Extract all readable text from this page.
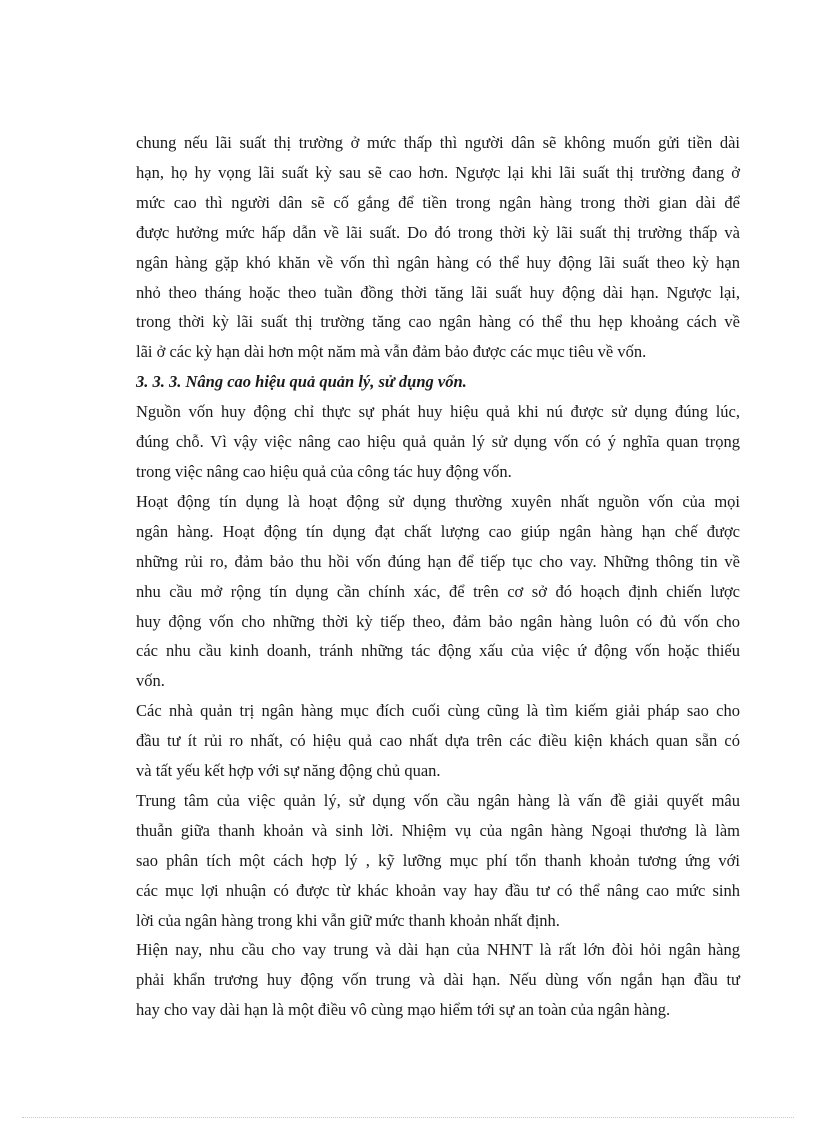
chung nếu lãi suất thị trường ở mức thấp thì người dân sẽ không muốn gửi tiền dài
hạn, họ hy vọng lãi suất kỳ sau sẽ cao hơn. Ngược lại khi lãi suất thị trường đang ở
mức cao thì người dân sẽ cố gắng để tiền trong ngân hàng trong thời gian dài để
được hưởng mức hấp dẫn về lãi suất. Do đó trong thời kỳ lãi suất thị trường thấp và
ngân hàng gặp khó khăn về vốn thì ngân hàng có thể huy động lãi suất theo kỳ hạn
nhỏ theo tháng hoặc theo tuần đồng thời tăng lãi suất huy động dài hạn. Ngược lại,
trong thời kỳ lãi suất thị trường tăng cao ngân hàng có thể thu hẹp khoảng cách về
lãi ở các kỳ hạn dài hơn một năm mà vẫn đảm bảo được các mục tiêu về vốn.
3. 3. 3. Nâng cao hiệu quả quản lý, sử dụng vốn.
Nguồn vốn huy động chỉ thực sự phát huy hiệu quả khi nú được sử dụng đúng lúc,
đúng chỗ. Vì vậy việc nâng cao hiệu quả quản lý sử dụng vốn có ý nghĩa quan trọng
trong việc nâng cao hiệu quả của công tác huy động vốn.
Hoạt động tín dụng là hoạt động sử dụng thường xuyên nhất nguồn vốn của mọi
ngân hàng. Hoạt động tín dụng đạt chất lượng cao giúp ngân hàng hạn chế được
những rủi ro, đảm bảo thu hồi vốn đúng hạn để tiếp tục cho vay. Những thông tin về
nhu cầu mở rộng tín dụng cần chính xác, để trên cơ sở đó hoạch định chiến lược
huy động vốn cho những thời kỳ tiếp theo, đảm bảo ngân hàng luôn có đủ vốn cho
các nhu cầu kinh doanh, tránh những tác động xấu của việc ứ động vốn hoặc thiếu
vốn.
Các nhà quản trị ngân hàng mục đích cuối cùng cũng là tìm kiếm giải pháp sao cho
đầu tư ít rủi ro nhất, có hiệu quả cao nhất dựa trên các điều kiện khách quan sẵn có
và tất yếu kết hợp với sự năng động chủ quan.
Trung tâm của việc quản lý, sử dụng vốn cầu ngân hàng là vấn đề giải quyết mâu
thuẫn giữa thanh khoản và sinh lời. Nhiệm vụ của ngân hàng Ngoại thương là làm
sao phân tích một cách hợp lý , kỹ lưỡng mục phí tổn thanh khoản tương ứng với
các mục lợi nhuận có được từ khác khoản vay hay đầu tư có thể nâng cao mức sinh
lời của ngân hàng trong khi vẫn giữ mức thanh khoản nhất định.
Hiện nay, nhu cầu cho vay trung và dài hạn của NHNT là rất lớn đòi hỏi ngân hàng
phải khẩn trương huy động vốn trung và dài hạn. Nếu dùng vốn ngắn hạn đầu tư
hay cho vay dài hạn là một điều vô cùng mạo hiểm tới sự an toàn của ngân hàng.
